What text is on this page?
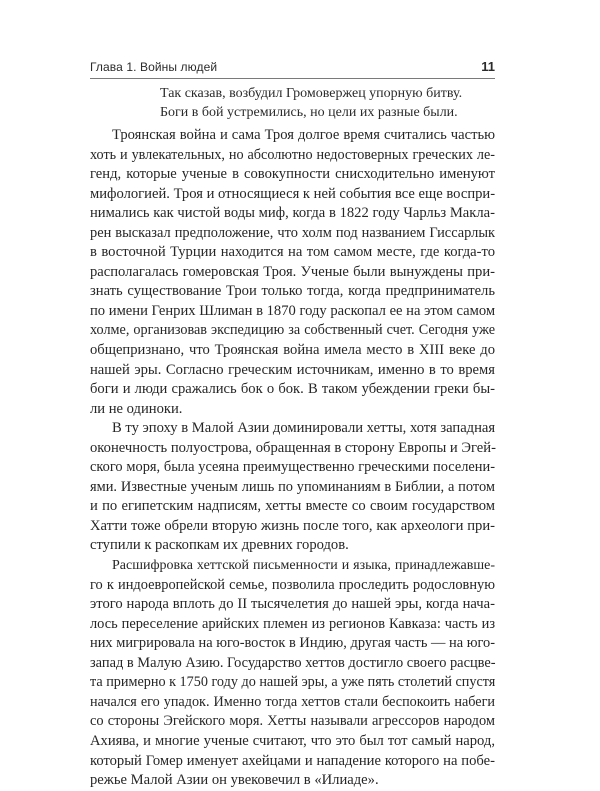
Глава 1. Войны людей	11
Так сказав, возбудил Громовержец упорную битву.
Боги в бой устремились, но цели их разные были.
Троянская война и сама Троя долгое время считались частью
хоть и увлекательных, но абсолютно недостоверных греческих ле-
генд, которые ученые в совокупности снисходительно именуют
мифологией. Троя и относящиеся к ней события все еще воспри-
нимались как чистой воды миф, когда в 1822 году Чарльз Макла-
рен высказал предположение, что холм под названием Гиссарлык
в восточной Турции находится на том самом месте, где когда-то
располагалась гомеровская Троя. Ученые были вынуждены при-
знать существование Трои только тогда, когда предприниматель
по имени Генрих Шлиман в 1870 году раскопал ее на этом самом
холме, организовав экспедицию за собственный счет. Сегодня уже
общепризнано, что Троянская война имела место в XIII веке до
нашей эры. Согласно греческим источникам, именно в то время
боги и люди сражались бок о бок. В таком убеждении греки бы-
ли не одиноки.
В ту эпоху в Малой Азии доминировали хетты, хотя западная
оконечность полуострова, обращенная в сторону Европы и Эгей-
ского моря, была усеяна преимущественно греческими поселени-
ями. Известные ученым лишь по упоминаниям в Библии, а потом
и по египетским надписям, хетты вместе со своим государством
Хатти тоже обрели вторую жизнь после того, как археологи при-
ступили к раскопкам их древних городов.
Расшифровка хеттской письменности и языка, принадлежавше-
го к индоевропейской семье, позволила проследить родословную
этого народа вплоть до II тысячелетия до нашей эры, когда нача-
лось переселение арийских племен из регионов Кавказа: часть из
них мигрировала на юго-восток в Индию, другая часть — на юго-
запад в Малую Азию. Государство хеттов достигло своего расцве-
та примерно к 1750 году до нашей эры, а уже пять столетий спустя
начался его упадок. Именно тогда хеттов стали беспокоить набеги
со стороны Эгейского моря. Хетты называли агрессоров народом
Ахиява, и многие ученые считают, что это был тот самый народ,
который Гомер именует ахейцами и нападение которого на побе-
режье Малой Азии он увековечил в «Илиаде».
